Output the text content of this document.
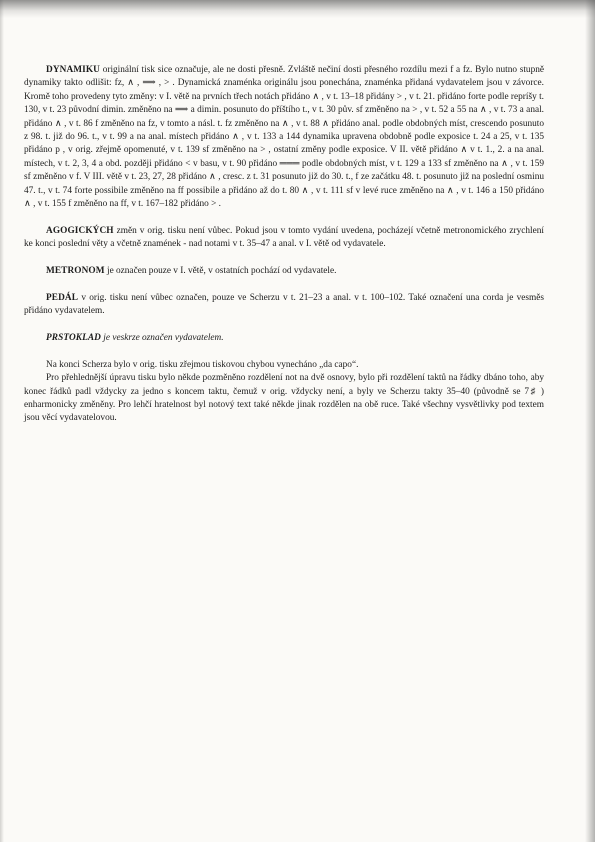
DYNAMIKU originální tisk sice označuje, ale ne dosti přesně. Zvláště nečiní dosti přesného rozdílu mezi f a fz. Bylo nutno stupně dynamiky takto odlišit: fz, ∧ , ⟹ , > . Dynamická znaménka originálu jsou ponechána, znaménka přidaná vydavatelem jsou v závorce. Kromě toho provedeny tyto změny: v I. větě na prvních třech notách přidáno ∧ , v t. 13–18 přidány > , v t. 21. přidáno forte podle repríšy t. 130, v t. 23 původní dimin. změněno na ⟹ a dimin. posunuto do příštího t., v t. 30 pův. sf změněno na > , v t. 52 a 55 na ∧ , v t. 73 a anal. přidáno ∧ , v t. 86 f změněno na fz, v tomto a násl. t. fz změněno na ∧ , v t. 88 ∧ přidáno anal. podle obdobných míst, crescendo posunuto z 98. t. již do 96. t., v t. 99 a na anal. místech přidáno ∧ , v t. 133 a 144 dynamika upravena obdobně podle exposice t. 24 a 25, v t. 135 přidáno p , v orig. zřejmě opomenuté, v t. 139 sf změněno na > , ostatní změny podle exposice. V II. větě přidáno ∧ v t. 1., 2. a na anal. místech, v t. 2, 3, 4 a obd. později přidáno < v basu, v t. 90 přidáno ═══ podle obdobných míst, v t. 129 a 133 sf změněno na ∧ , v t. 159 sf změněno v f. V III. větě v t. 23, 27, 28 přidáno ∧ , cresc. z t. 31 posunuto již do 30. t., f ze začátku 48. t. posunuto již na poslední osminu 47. t., v t. 74 forte possibile změněno na ff possibile a přidáno až do t. 80 ∧ , v t. 111 sf v levé ruce změněno na ∧ , v t. 146 a 150 přidáno ∧ , v t. 155 f změněno na ff, v t. 167–182 přidáno > .

AGOGICKÝCH změn v orig. tisku není vůbec. Pokud jsou v tomto vydání uvedena, pocházejí včetně metronomického zrychlení ke konci poslední věty a včetně znamének - nad notami v t. 35–47 a anal. v I. větě od vydavatele.

METRONOM je označen pouze v I. větě, v ostatních pochází od vydavatele.

PEDÁL v orig. tisku není vůbec označen, pouze ve Scherzu v t. 21–23 a anal. v t. 100–102. Také označení una corda je vesměs přidáno vydavatelem.

PRSTOKLAD je veskrze označen vydavatelem.

Na konci Scherza bylo v orig. tisku zřejmou tiskovou chybou vynecháno „da capo“.

Pro přehlednější úpravu tisku bylo někde pozměněno rozdělení not na dvě osnovy, bylo při rozdělení taktů na řádky dbáno toho, aby konec řádků padl vždycky za jedno s koncem taktu, čemuž v orig. vždycky není, a byly ve Scherzu takty 35–40 (původně se 7♯ ) enharmonicky změněny. Pro lehčí hratelnost byl notový text také někde jinak rozdělen na obě ruce. Také všechny vysvětlivky pod textem jsou věcí vydavatelovou.
